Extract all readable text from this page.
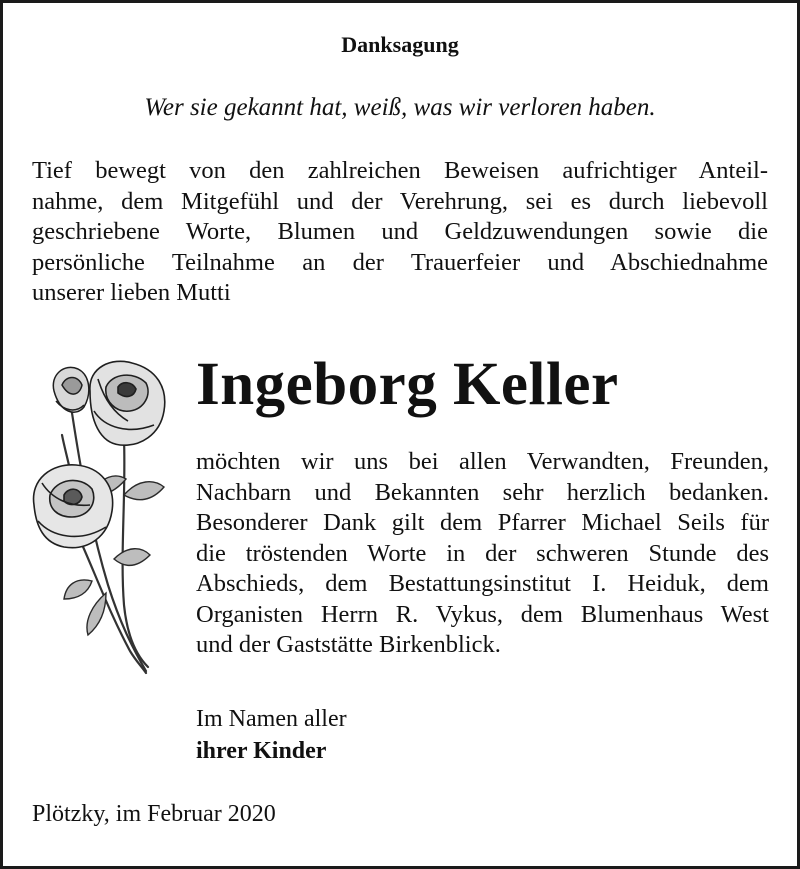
Danksagung
Wer sie gekannt hat, weiß, was wir verloren haben.
Tief bewegt von den zahlreichen Beweisen aufrichtiger Anteil-
nahme, dem Mitgefühl und der Verehrung, sei es durch liebevoll
geschriebene Worte, Blumen und Geldzuwendungen sowie die
persönliche Teilnahme an der Trauerfeier und Abschiednahme
unserer lieben Mutti
Ingeborg Keller
möchten wir uns bei allen Verwandten, Freunden,
Nachbarn und Bekannten sehr herzlich bedanken.
Besonderer Dank gilt dem Pfarrer Michael Seils für
die tröstenden Worte in der schweren Stunde des
Abschieds, dem Bestattungsinstitut I. Heiduk, dem
Organisten Herrn R. Vykus, dem Blumenhaus West
und der Gaststätte Birkenblick.
Im Namen aller
ihrer Kinder
Plötzky, im Februar 2020
